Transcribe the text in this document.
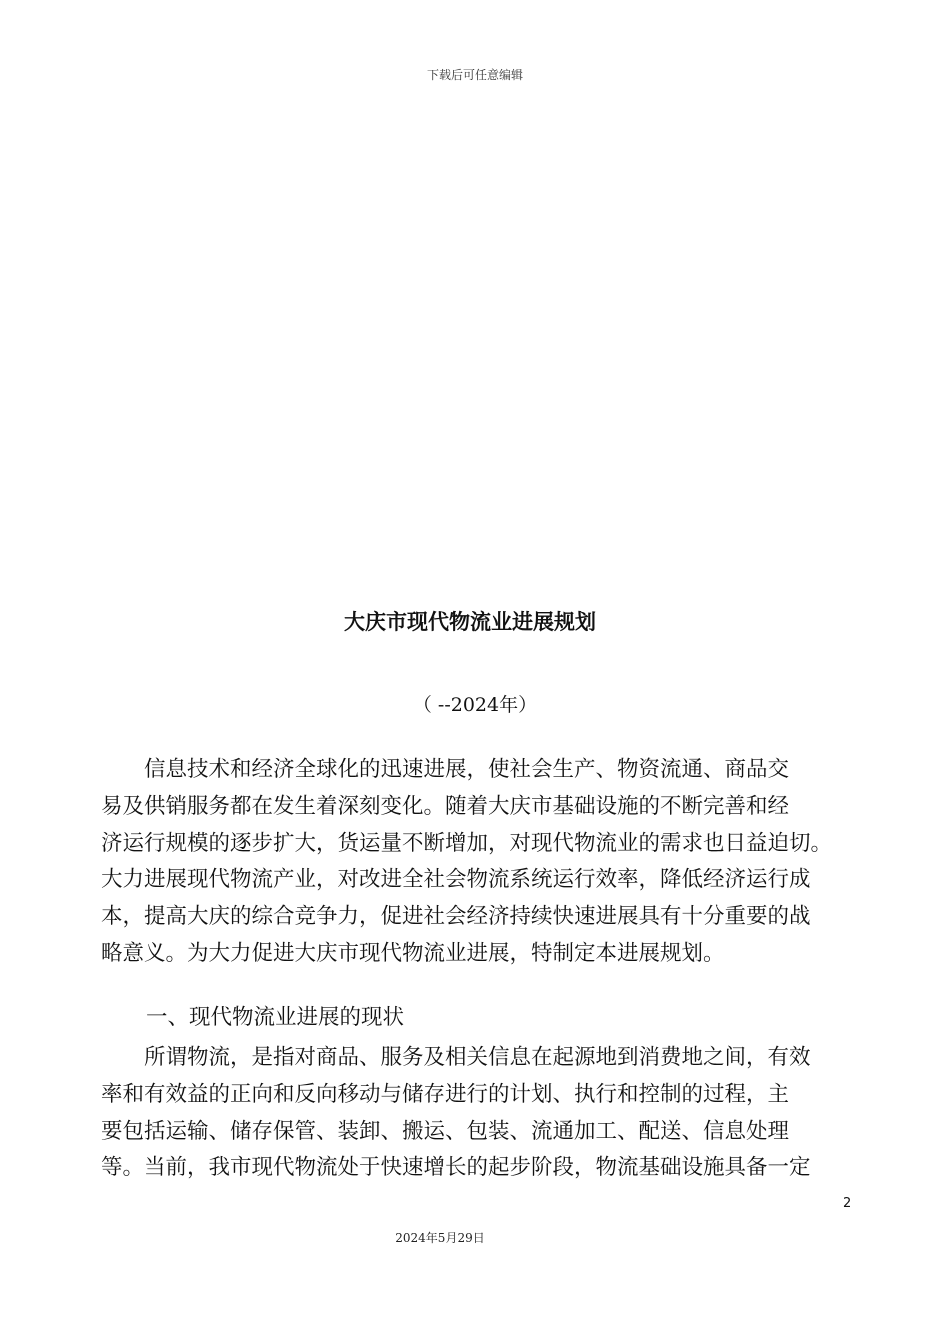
下载后可任意编辑
大庆市现代物流业进展规划
（ --2024年）
　　信息技术和经济全球化的迅速进展，使社会生产、物资流通、商品交
易及供销服务都在发生着深刻变化。随着大庆市基础设施的不断完善和经
济运行规模的逐步扩大，货运量不断增加，对现代物流业的需求也日益迫切。
大力进展现代物流产业，对改进全社会物流系统运行效率，降低经济运行成
本，提高大庆的综合竞争力，促进社会经济持续快速进展具有十分重要的战
略意义。为大力促进大庆市现代物流业进展，特制定本进展规划。
一、现代物流业进展的现状
　　所谓物流，是指对商品、服务及相关信息在起源地到消费地之间，有效
率和有效益的正向和反向移动与储存进行的计划、执行和控制的过程，主
要包括运输、储存保管、装卸、搬运、包装、流通加工、配送、信息处理
等。当前，我市现代物流处于快速增长的起步阶段，物流基础设施具备一定
2
2024年5月29日
